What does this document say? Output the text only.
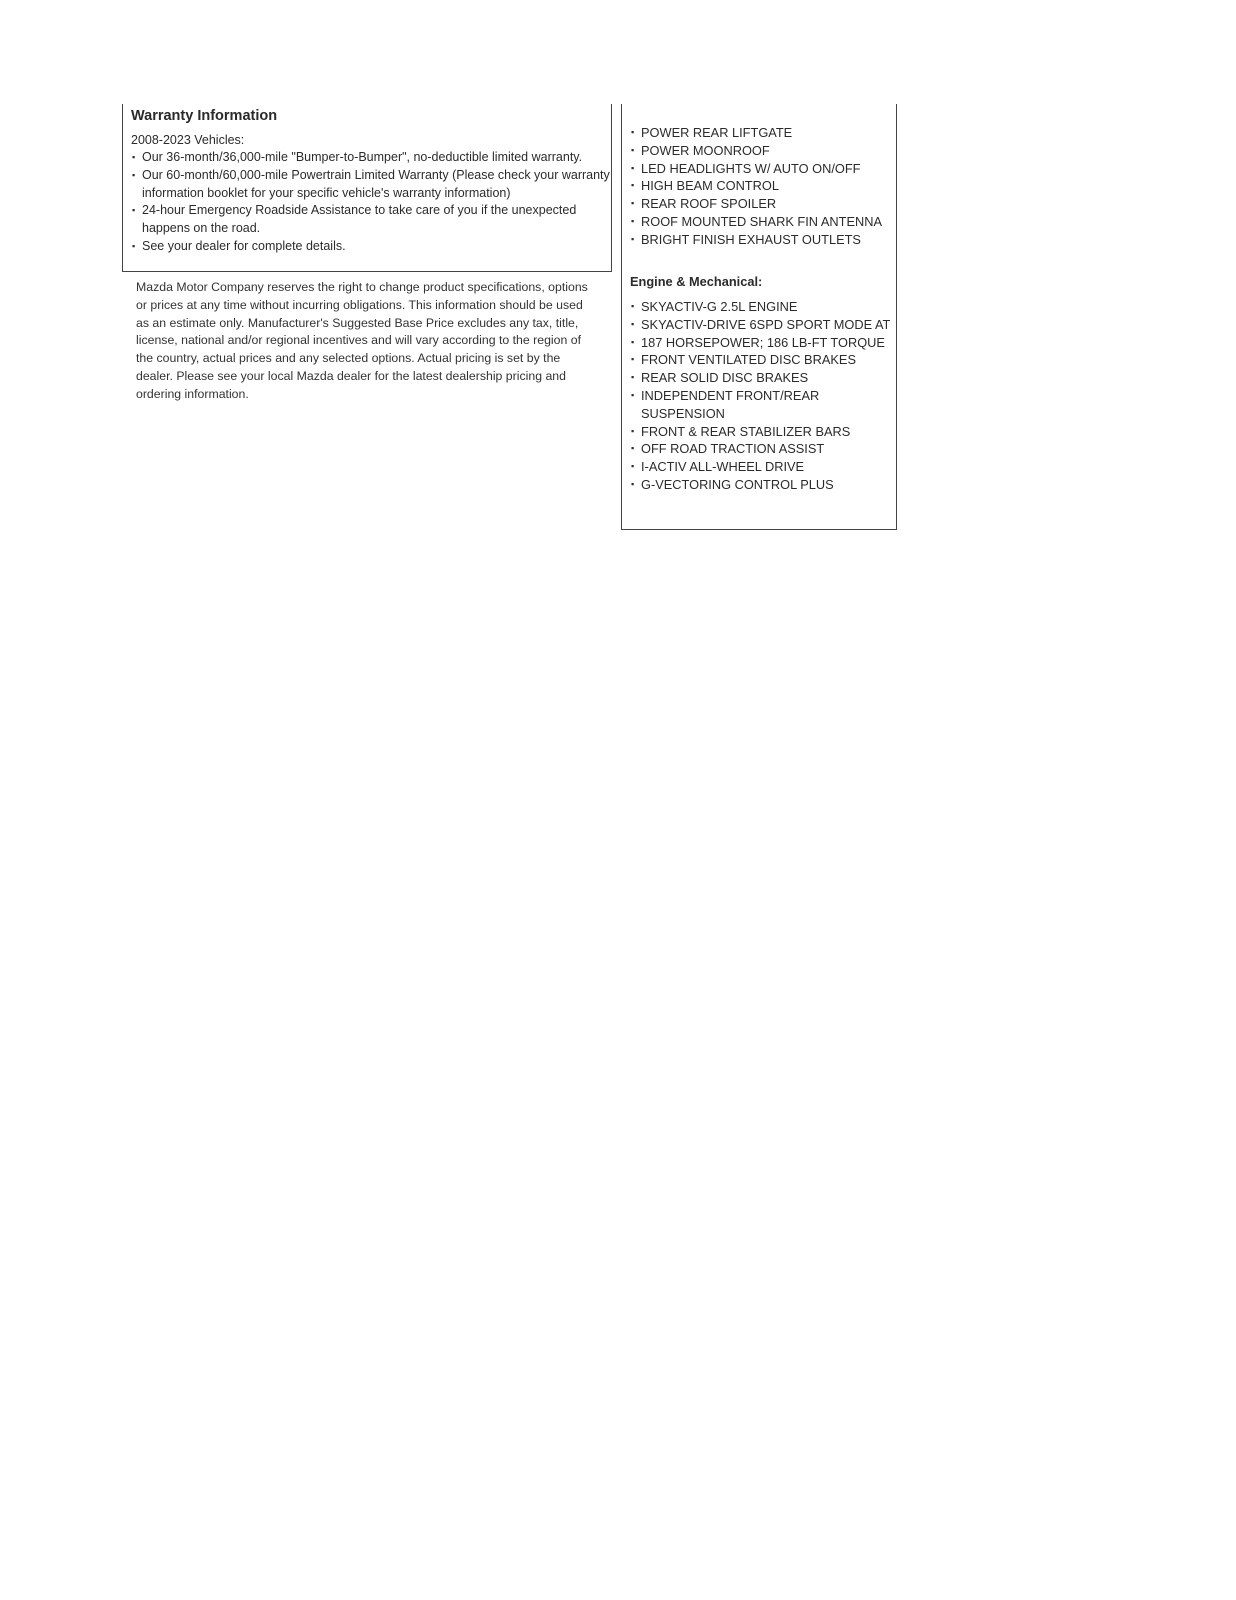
Warranty Information
2008-2023 Vehicles:
▪ Our 36-month/36,000-mile "Bumper-to-Bumper", no-deductible limited warranty.
▪ Our 60-month/60,000-mile Powertrain Limited Warranty (Please check your warranty information booklet for your specific vehicle's warranty information)
▪ 24-hour Emergency Roadside Assistance to take care of you if the unexpected happens on the road.
▪ See your dealer for complete details.
Mazda Motor Company reserves the right to change product specifications, options or prices at any time without incurring obligations. This information should be used as an estimate only. Manufacturer's Suggested Base Price excludes any tax, title, license, national and/or regional incentives and will vary according to the region of the country, actual prices and any selected options. Actual pricing is set by the dealer. Please see your local Mazda dealer for the latest dealership pricing and ordering information.
▪ POWER REAR LIFTGATE
▪ POWER MOONROOF
▪ LED HEADLIGHTS W/ AUTO ON/OFF
▪ HIGH BEAM CONTROL
▪ REAR ROOF SPOILER
▪ ROOF MOUNTED SHARK FIN ANTENNA
▪ BRIGHT FINISH EXHAUST OUTLETS
Engine & Mechanical:
▪ SKYACTIV-G 2.5L ENGINE
▪ SKYACTIV-DRIVE 6SPD SPORT MODE AT
▪ 187 HORSEPOWER; 186 LB-FT TORQUE
▪ FRONT VENTILATED DISC BRAKES
▪ REAR SOLID DISC BRAKES
▪ INDEPENDENT FRONT/REAR SUSPENSION
▪ FRONT & REAR STABILIZER BARS
▪ OFF ROAD TRACTION ASSIST
▪ I-ACTIV ALL-WHEEL DRIVE
▪ G-VECTORING CONTROL PLUS
